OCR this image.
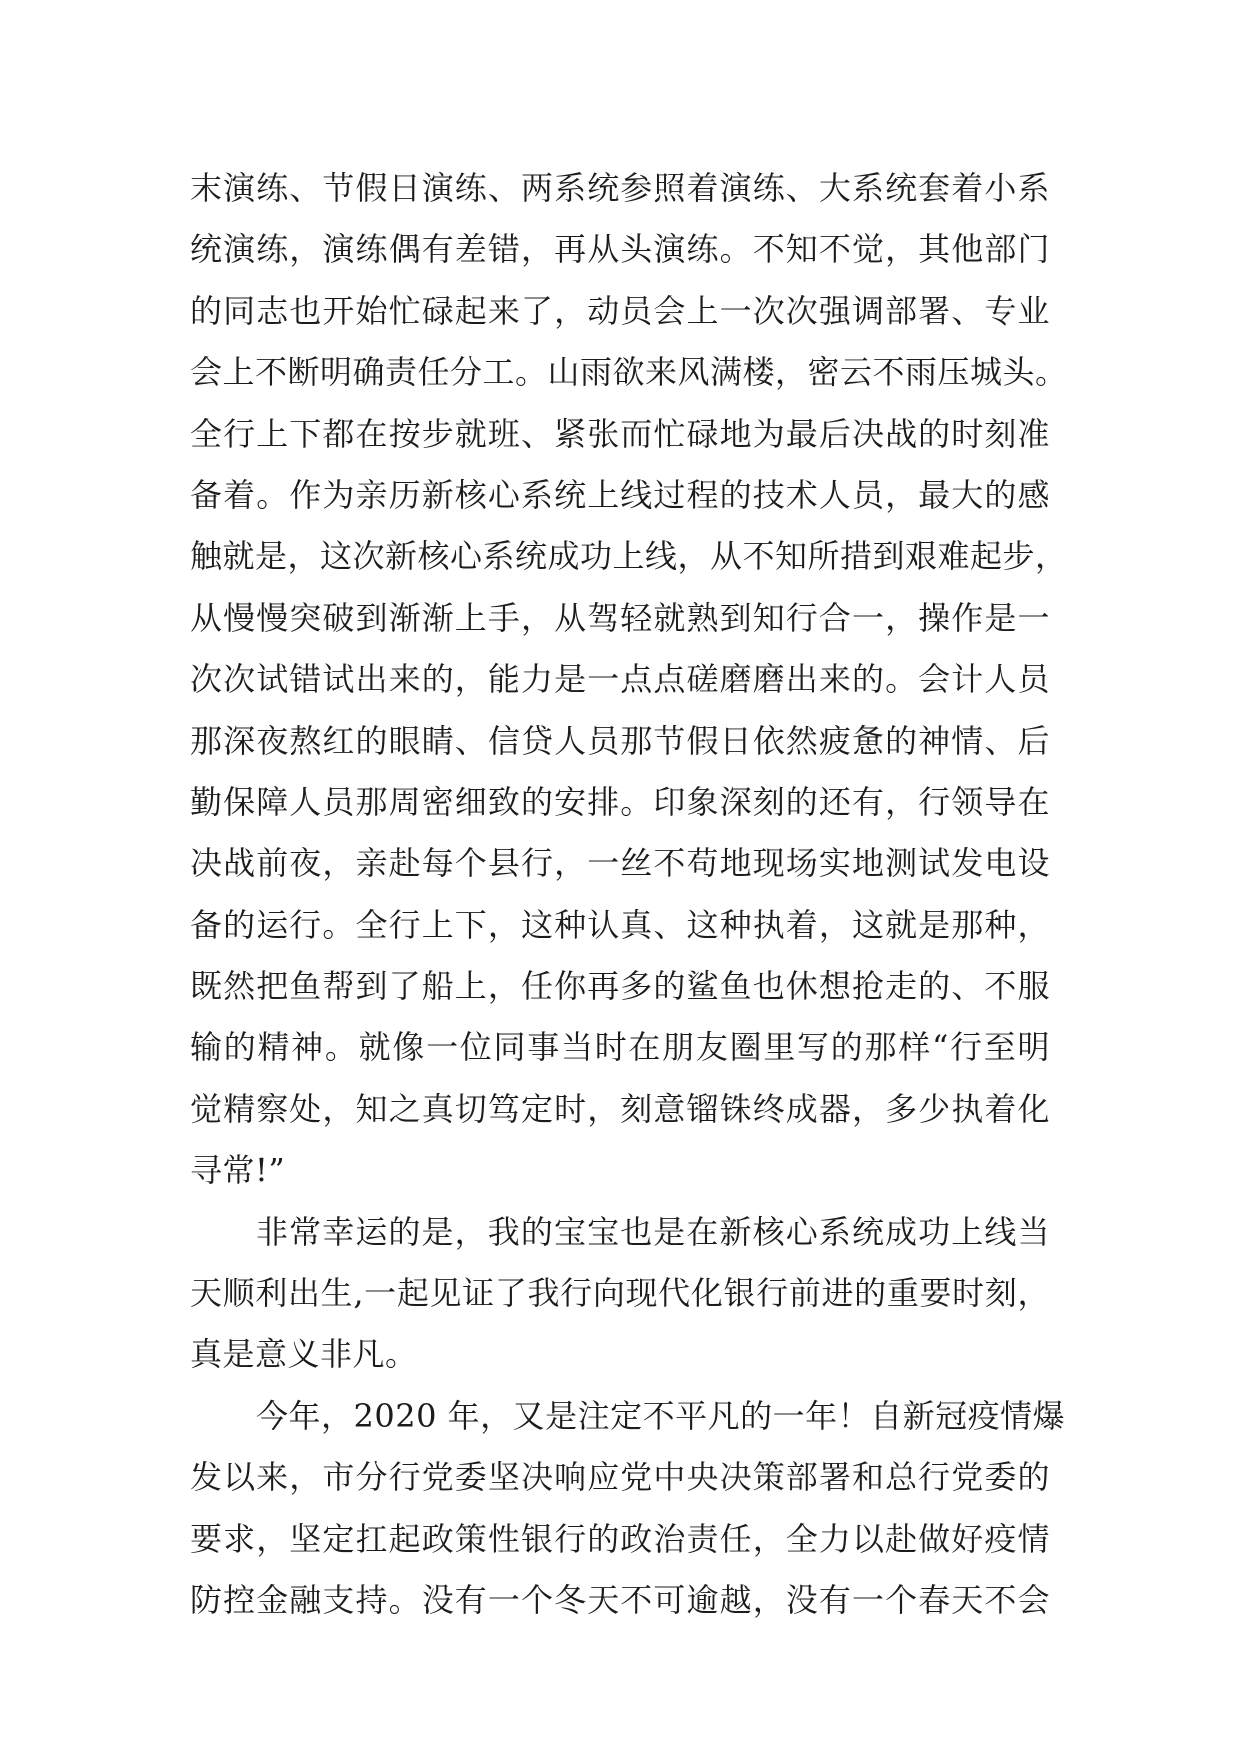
末演练、节假日演练、两系统参照着演练、大系统套着小系
统演练，演练偶有差错，再从头演练。不知不觉，其他部门
的同志也开始忙碌起来了，动员会上一次次强调部署、专业
会上不断明确责任分工。山雨欲来风满楼，密云不雨压城头。
全行上下都在按步就班、紧张而忙碌地为最后决战的时刻准
备着。作为亲历新核心系统上线过程的技术人员，最大的感
触就是，这次新核心系统成功上线，从不知所措到艰难起步，
从慢慢突破到渐渐上手，从驾轻就熟到知行合一，操作是一
次次试错试出来的，能力是一点点磋磨磨出来的。会计人员
那深夜熬红的眼睛、信贷人员那节假日依然疲惫的神情、后
勤保障人员那周密细致的安排。印象深刻的还有，行领导在
决战前夜，亲赴每个县行，一丝不苟地现场实地测试发电设
备的运行。全行上下，这种认真、这种执着，这就是那种，
既然把鱼帮到了船上，任你再多的鲨鱼也休想抢走的、不服
输的精神。就像一位同事当时在朋友圈里写的那样“行至明
觉精察处，知之真切笃定时，刻意镏铢终成器，多少执着化
寻常!”
非常幸运的是，我的宝宝也是在新核心系统成功上线当
天顺利出生,一起见证了我行向现代化银行前进的重要时刻，
真是意义非凡。
今年，2020 年，又是注定不平凡的一年！自新冠疫情爆
发以来，市分行党委坚决响应党中央决策部署和总行党委的
要求，坚定扛起政策性银行的政治责任，全力以赴做好疫情
防控金融支持。没有一个冬天不可逾越，没有一个春天不会
